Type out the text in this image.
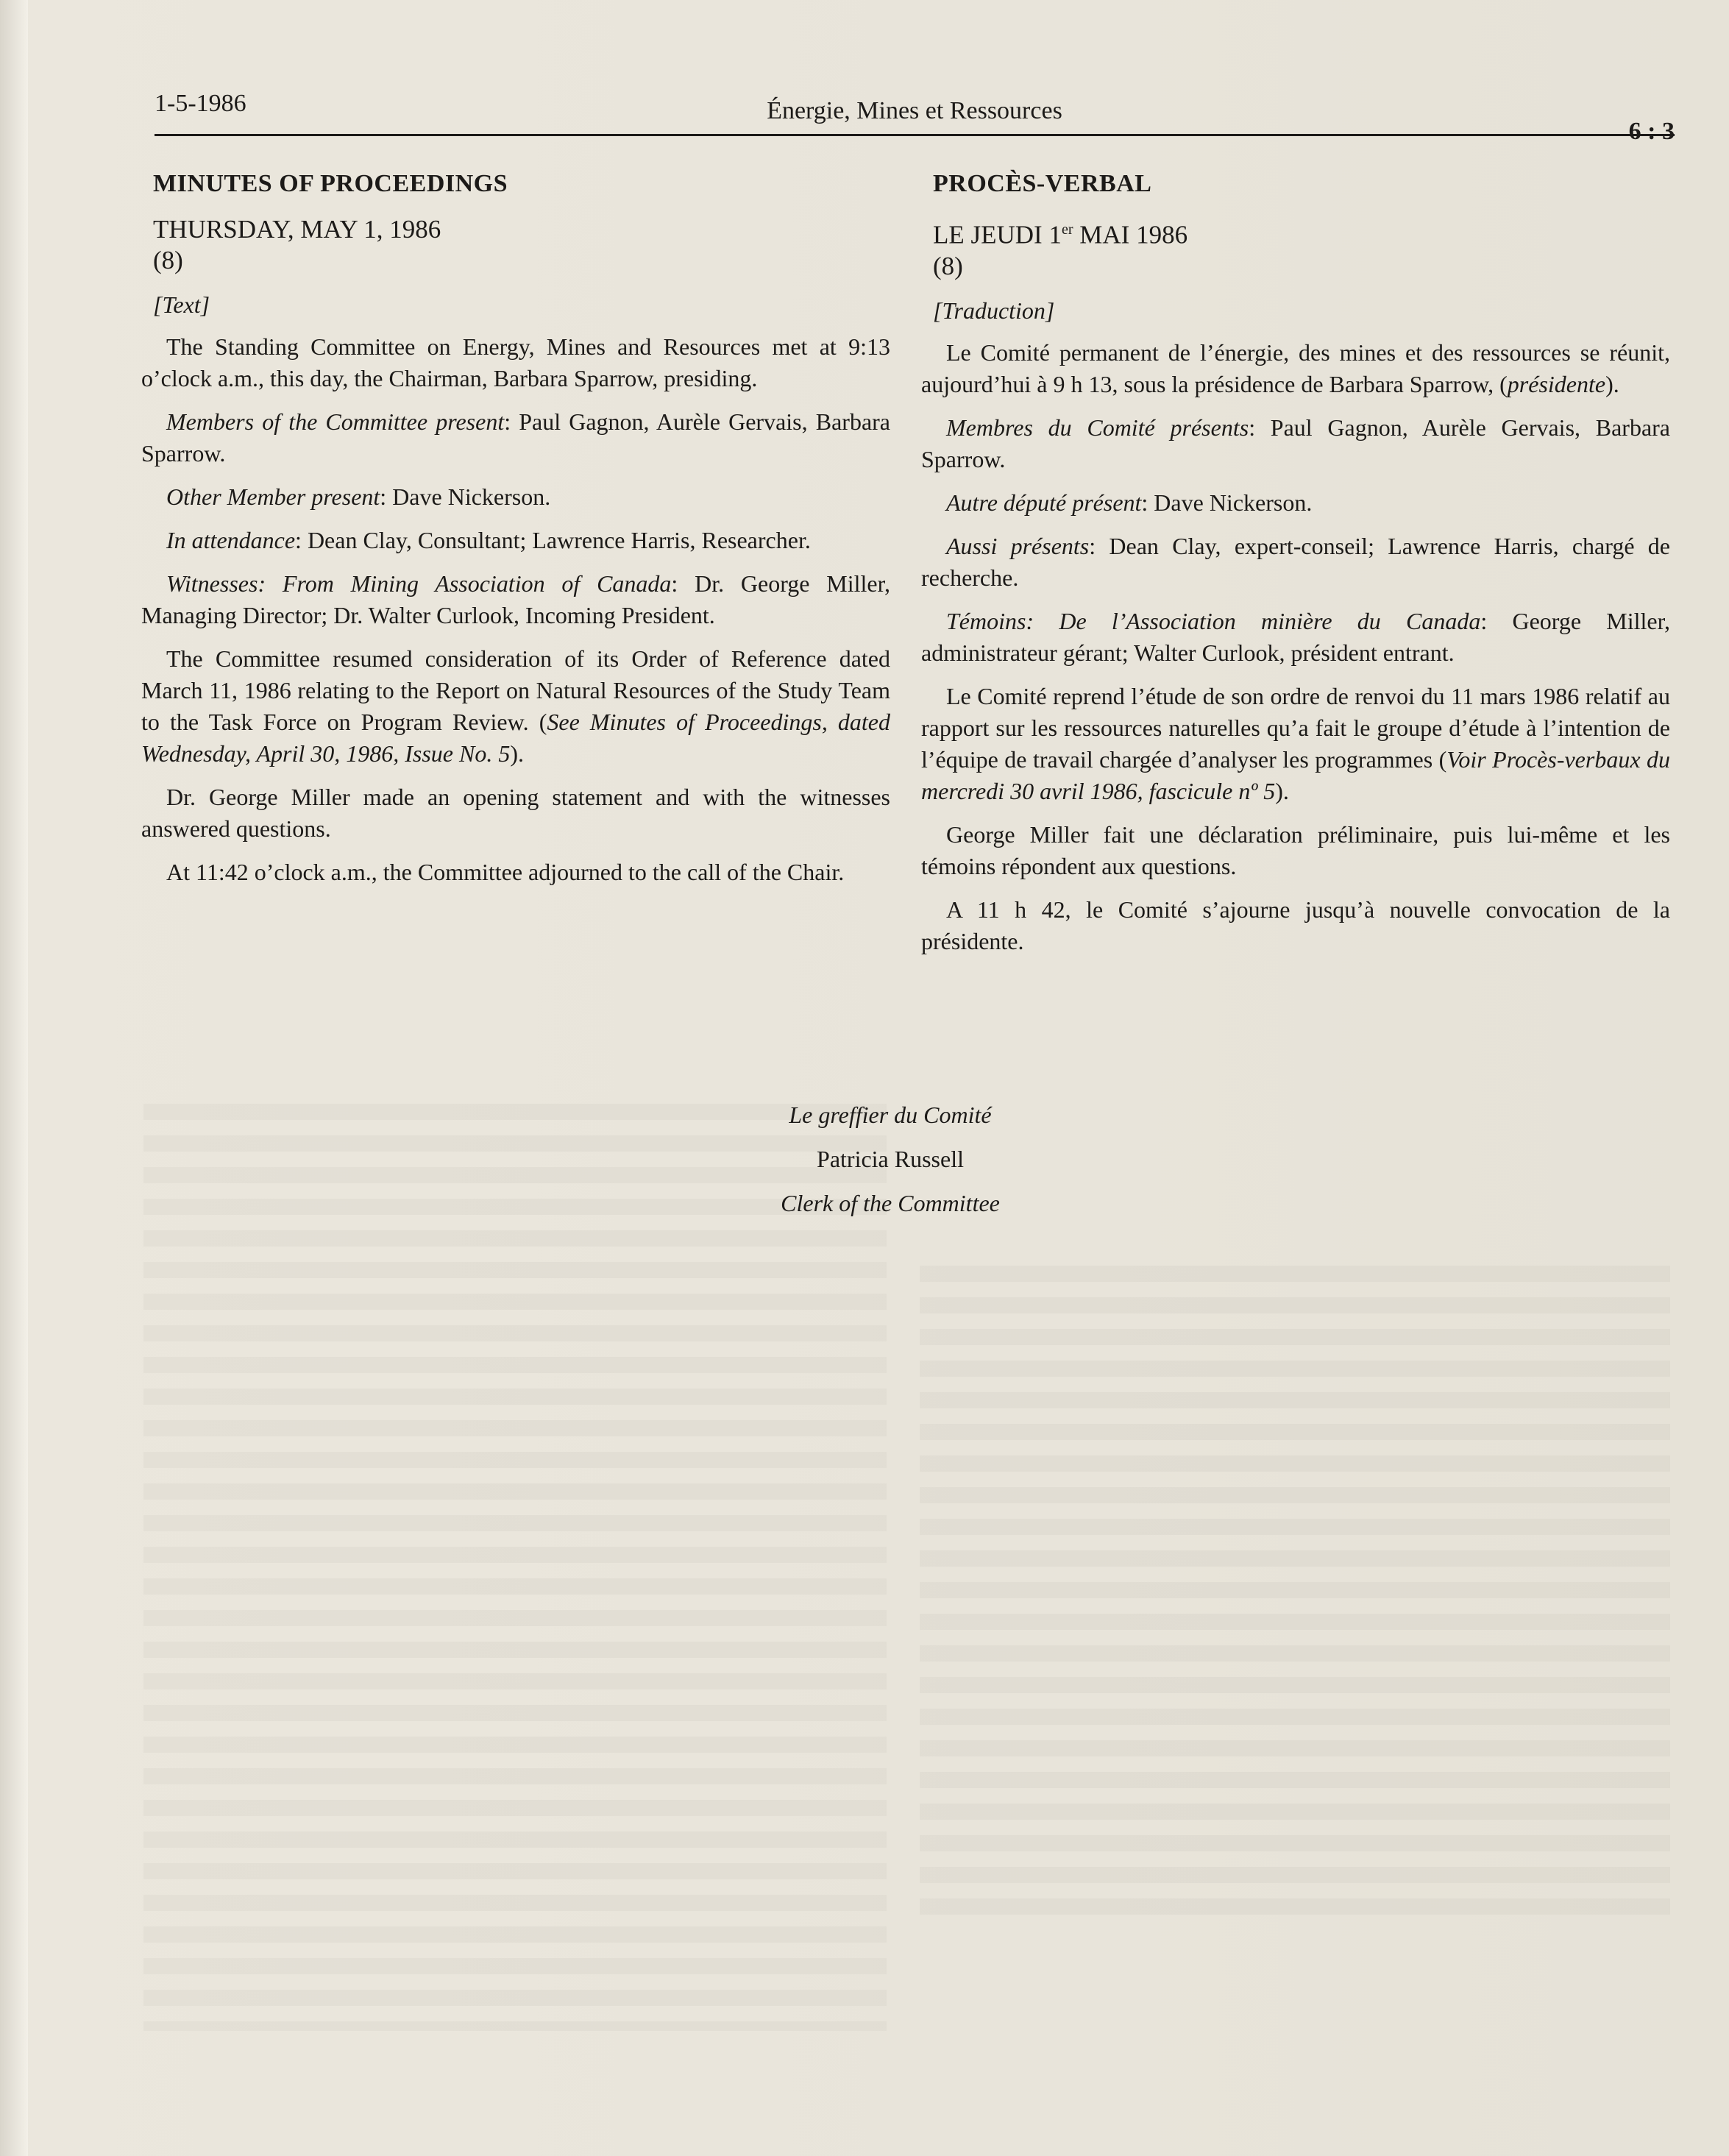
1-5-1986	Énergie, Mines et Ressources
6 : 3
MINUTES OF PROCEEDINGS
THURSDAY, MAY 1, 1986
(8)
[Text]

The Standing Committee on Energy, Mines and Resources met at 9:13 o’clock a.m., this day, the Chairman, Barbara Sparrow, presiding.

Members of the Committee present: Paul Gagnon, Aurèle Gervais, Barbara Sparrow.

Other Member present: Dave Nickerson.

In attendance: Dean Clay, Consultant; Lawrence Harris, Researcher.

Witnesses: From Mining Association of Canada: Dr. George Miller, Managing Director; Dr. Walter Curlook, Incoming President.

The Committee resumed consideration of its Order of Reference dated March 11, 1986 relating to the Report on Natural Resources of the Study Team to the Task Force on Program Review. (See Minutes of Proceedings, dated Wednesday, April 30, 1986, Issue No. 5).

Dr. George Miller made an opening statement and with the witnesses answered questions.

At 11:42 o’clock a.m., the Committee adjourned to the call of the Chair.

PROCÈS-VERBAL
LE JEUDI 1er MAI 1986
(8)
[Traduction]

Le Comité permanent de l’énergie, des mines et des ressources se réunit, aujourd’hui à 9 h 13, sous la présidence de Barbara Sparrow, (présidente).

Membres du Comité présents: Paul Gagnon, Aurèle Gervais, Barbara Sparrow.

Autre député présent: Dave Nickerson.

Aussi présents: Dean Clay, expert-conseil; Lawrence Harris, chargé de recherche.

Témoins: De l’Association minière du Canada: George Miller, administrateur gérant; Walter Curlook, président entrant.

Le Comité reprend l’étude de son ordre de renvoi du 11 mars 1986 relatif au rapport sur les ressources naturelles qu’a fait le groupe d’étude à l’intention de l’équipe de travail chargée d’analyser les programmes (Voir Procès-verbaux du mercredi 30 avril 1986, fascicule nº 5).

George Miller fait une déclaration préliminaire, puis lui-même et les témoins répondent aux questions.

A 11 h 42, le Comité s’ajourne jusqu’à nouvelle convocation de la présidente.

Le greffier du Comité
Patricia Russell
Clerk of the Committee
